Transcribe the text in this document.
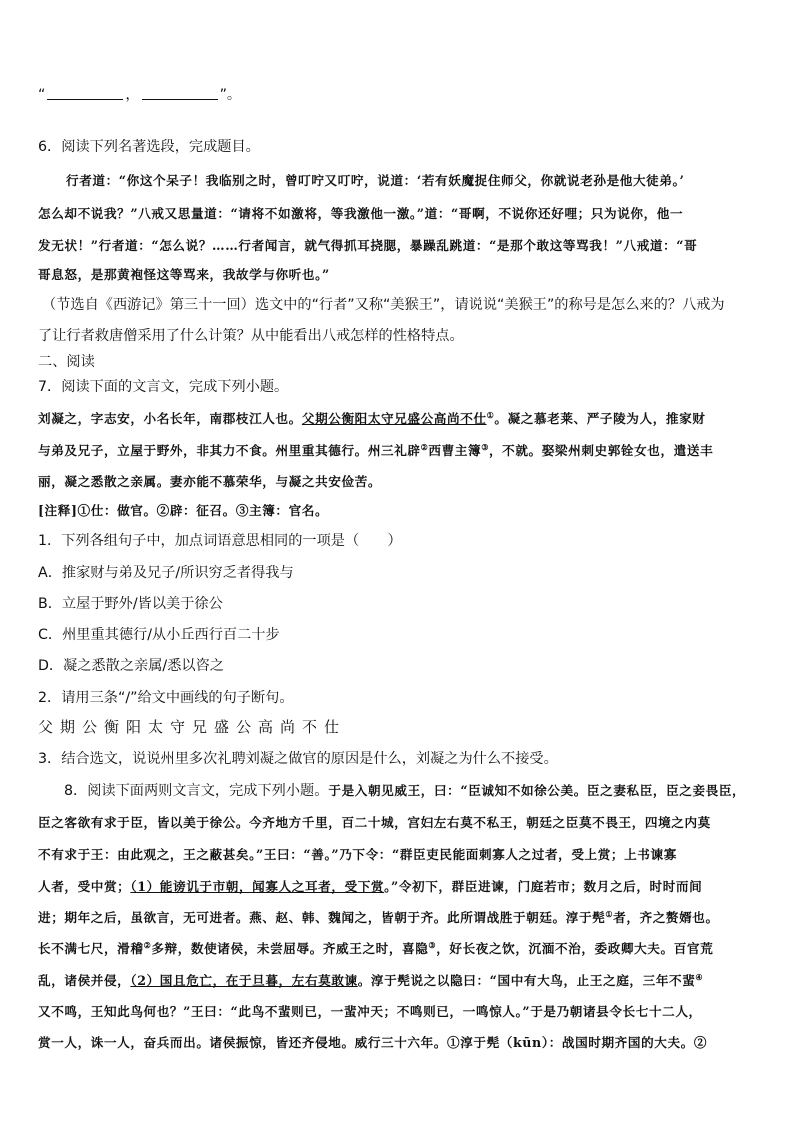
“	，	”。
6．阅读下列名著选段，完成题目。
行者道：“你这个呆子！我临别之时，曾叮咛又叮咛，说道：‘若有妖魔捉住师父，你就说老孙是他大徒弟。’
怎么却不说我？”八戒又思量道：“请将不如激将，等我激他一激。”道：“哥啊，不说你还好哩；只为说你，他一
发无状！”行者道：“怎么说？……行者闻言，就气得抓耳挠腮，暴躁乱跳道：“是那个敢这等骂我！”八戒道：“哥
哥息怒，是那黄袍怪这等骂来，我故学与你听也。”
（节选自《西游记》第三十一回）选文中的“行者”又称“美猴王”，请说说“美猴王”的称号是怎么来的？八戒为
了让行者救唐僧采用了什么计策？从中能看出八戒怎样的性格特点。
二、阅读
7．阅读下面的文言文，完成下列小题。
刘凝之，字志安，小名长年，南郡枝江人也。父期公衡阳太守兄盛公高尚不仕①。凝之慕老莱、严子陵为人，推家财
与弟及兄子，立屋于野外，非其力不食。州里重其德行。州三礼辟②西曹主簿③，不就。娶梁州刺史郭铨女也，遣送丰
丽，凝之悉散之亲属。妻亦能不慕荣华，与凝之共安俭苦。
[注释]①仕：做官。②辟：征召。③主簿：官名。
1．下列各组句子中，加点词语意思相同的一项是（　　）
A．推家财与弟及兄子/所识穷乏者得我与
B．立屋于野外/皆以美于徐公
C．州里重其德行/从小丘西行百二十步
D．凝之悉散之亲属/悉以咨之
2．请用三条“/”给文中画线的句子断句。
父期公衡阳太守兄盛公高尚不仕
3．结合选文，说说州里多次礼聘刘凝之做官的原因是什么，刘凝之为什么不接受。
8．阅读下面两则文言文，完成下列小题。于是入朝见威王，曰：“臣诚知不如徐公美。臣之妻私臣，臣之妾畏臣，
臣之客欲有求于臣，皆以美于徐公。今齐地方千里，百二十城，宫妇左右莫不私王，朝廷之臣莫不畏王，四境之内莫
不有求于王：由此观之，王之蔽甚矣。”王曰：“善。”乃下令：“群臣吏民能面刺寡人之过者，受上赏；上书谏寡
人者，受中赏；（1）能谤讥于市朝，闻寡人之耳者，受下赏。”令初下，群臣进谏，门庭若市；数月之后，时时而间
进；期年之后，虽欲言，无可进者。燕、赵、韩、魏闻之，皆朝于齐。此所谓战胜于朝廷。淳于髡①者，齐之赘婿也。
长不满七尺，滑稽②多辩，数使诸侯，未尝屈辱。齐威王之时，喜隐③，好长夜之饮，沉湎不治，委政卿大夫。百官荒
乱，诸侯并侵，（2）国且危亡，在于旦暮，左右莫敢谏。淳于髡说之以隐曰：“国中有大鸟，止王之庭，三年不蜚④
又不鸣，王知此鸟何也？”王曰：“此鸟不蜚则已，一蜚冲天；不鸣则已，一鸣惊人。”于是乃朝诸县令长七十二人，
赏一人，诛一人，奋兵而出。诸侯振惊，皆还齐侵地。威行三十六年。①淳于髡（kūn）：战国时期齐国的大夫。②
